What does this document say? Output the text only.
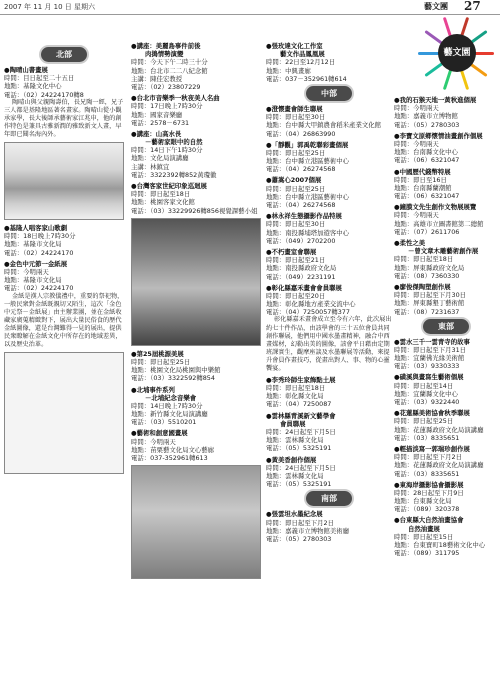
2007 年 11 月 10 日 星期六	藝文團 27
藝文園
北部
●陶晴山書畫展
時間：目日起至二十五日
地點：基隆文化中心
電話：（02）24224170轉8
陶晴山與父親陶壽伯，長兄陶一經，兄子三人都是基隆地區著名畫家。陶晴山從小觀承家學，長大後師承藝術家江兆申，他的創作特色是兼具古雅新潤的雅致新文人畫，早年即已聞名海內外。
●基隆人唱客家山歌劇
時間：18日晚上7時30分
地點：基隆市文化局
電話：（02）24224170
●金色中元節一金紙展
時間：今明兩天
地點：基隆市文化局
電話：（02）24224170
金紙是漢人宗教儀禮中，重要的祭祀物，一般民衆對金紙既親切又陌生，這次「金色中元祭－金紙展」由主辦業團，並在金紙收藏家廣蒐精緻對下，展出大量民俗食的歷代金紙圖像，還是台灣難得一見的展出，提供民衆瞭解在金紙文化中所存在的地域差異，以及歷史治革。
●講座：美麗島事件前後
肉搗情勢演變
時間：今天下午二時三十分
地點：台北市二二八紀念館
主講：陳佳宏教授
電話：（02）23807229
●台北市音樂季一秋夜美人名曲
時間：17日晚上7時30分
地點：國家音樂廳
電話：2578－6731
●講座：山高水長
－藝術家眼中的自然
時間：14日下午1時30分
地點：文化局演講廳
主講：林鎮宜
電話：3322392轉852黃瓊徽
●台灣客家世紀印象巡迴展
時間：即日起至18日
地點：桃園客家文化館
電話：（03）33229926轉856視覺課藝小姐
●第25屆桃源美展
時間：即日起至25日
地點：桃園文化局桃園與中樂館
電話：（03）3322592轉854
●北埔事件系列
－北埔紀念音樂會
時間：14日晚上7時30分
地點：新竹縣文化局演講廳
電話：（03）5510201
●藝術和創意國畫展
時間：今明兩天
地點：苗栗藝文化局文心藝廊
電話：037-352961轉613
●張玫達文化工作室
藝文作品鳳凰展
時間：22日至12月12日
地點：中興畫廊
電話：037－352961轉614
中部
●澄懷畫會師生聯展
時間：即日起至30日
地點：台中縣大甲鎮農會稻米產業文化館
電話：（04）26863990
●「靜觀」郭禹乾聯彩畫個展
時間：即日起至25日
地點：台中縣立港區藝術中心
電話：（04）26274568
●蕭嵩心2007個展
時間：即日起至25日
地點：台中縣立港區藝術中心
電話：（04）26274568
●林永祥生態攝影作品特展
時間：即日起至30日
地點：南投縣埔塔加遊客中心
電話：（049）2702200
●不朽畫室會聯展
時間：即日起至21日
地點：南投縣政府文化局
電話：（049）2231191
●彰化縣嘉禾畫會會員聯展
時間：即日起至20日
地點：彰化縣地方產業交流中心
電話：（04）7250057轉377
彰化縣嘉禾畫會成立至今有六年，此次展出約七十件作品，由該學會的三十五位會員共同創作聯展，他們用中國水墨畫精神，融合中西畫媒材，幻勒出美的圖像，該會平日藉由定期班課實生，觀摩座談及水墨聯展等活動，來提升會員作畫技巧，從畫出對人、事、物的心靈饗宴。
●李秀玲師生家飾點土展
時間：即日起至18日
地點：彰化縣文化局
電話：（04）7250087
●雲林縣青溪新文藝學會
會員聯展
時間：24日起至下月5日
地點：雲林縣文化局
電話：（05）5325191
●黃美香創作個展
時間：24日起至下月5日
地點：雲林縣文化局
電話：（05）5325191
南部
●張雲坦水墨紀念展
時間：即日起至下月2日
地點：嘉義市立博物館美術廳
電話：（05）2780303
●我的石猴天地一黃秋進個展
時間：今明兩天
地點：嘉義市立博物館
電話：（05）2780303
●李寶文原鄉懷情油畫創作個展
時間：今明兩天
地點：台南縣文化中心
電話：（06）6321047
●中國歷代錢幣特展
時間：即日至16日
地點：台南縣蘭潮館
電話：（06）6321047
●鐘膜文先生創作文物展展覽
時間：今明兩天
地點：高雄市立圖書館第二總館
電話：（07）2611706
●柔性之美
－曾文章木雕藝術創作展
時間：即日起至18日
地點：屏東縣政府文化局
電話：（08）7360330
●廖俊傑陶塑創作展
時間：即日起至下月30日
地點：屏東縣墾丁藝術館
電話：（08）7231637
東部
●雲水三千一雲青寺的故事
時間：即日起至下月31日
地點：宜蘭佛光緣美術館
電話：（03）9330333
●磺溪與畫寫生藝術個展
時間：即日起至14日
地點：宜蘭縣文化中心
電話：（03）9322440
●花蓮縣美術協會秋季聯展
時間：即日起至25日
地點：花蓮縣政府文化局演講廳
電話：（03）8335651
●輕描淡寫一郭瑞珍創作展
時間：即日起至下月2日
地點：花蓮縣政府文化局演講廳
電話：（03）8335651
●東海岸攝影協會攝影展
時間：28日起至下月9日
地點：台東縣文化局
電話：（089）320378
●台東縣大自然油畫協會
自然油畫展
時間：即日起至15日
地點：台東寶町18藝術文化中心
電話：（089）311795
